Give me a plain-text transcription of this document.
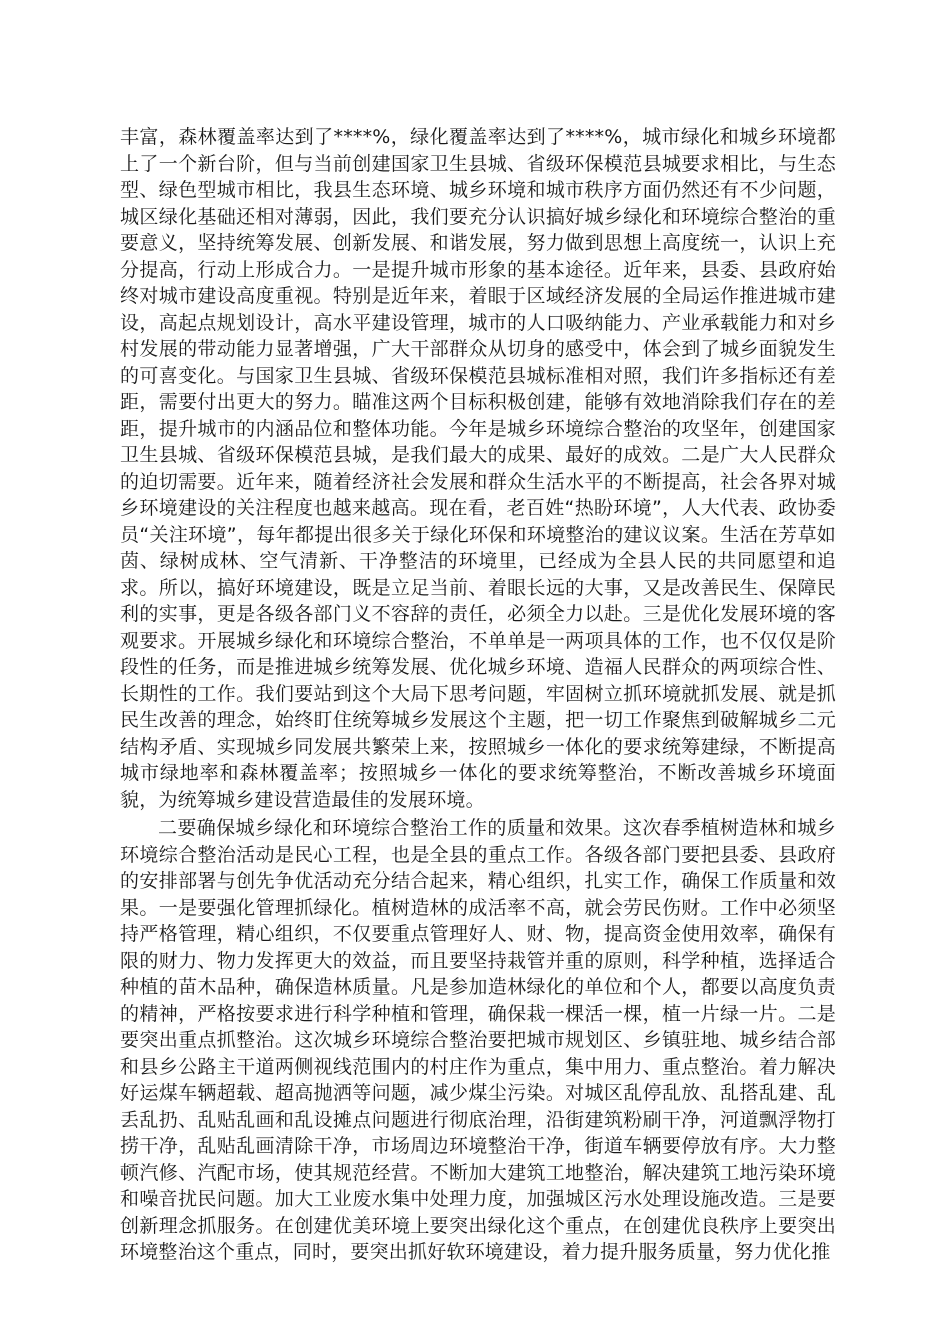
丰富，森林覆盖率达到了****%，绿化覆盖率达到了****%，城市绿化和城乡环境都上了一个新台阶，但与当前创建国家卫生县城、省级环保模范县城要求相比，与生态型、绿色型城市相比，我县生态环境、城乡环境和城市秩序方面仍然还有不少问题，城区绿化基础还相对薄弱，因此，我们要充分认识搞好城乡绿化和环境综合整治的重要意义，坚持统筹发展、创新发展、和谐发展，努力做到思想上高度统一，认识上充分提高，行动上形成合力。一是提升城市形象的基本途径。近年来，县委、县政府始终对城市建设高度重视。特别是近年来，着眼于区域经济发展的全局运作推进城市建设，高起点规划设计，高水平建设管理，城市的人口吸纳能力、产业承载能力和对乡村发展的带动能力显著增强，广大干部群众从切身的感受中，体会到了城乡面貌发生的可喜变化。与国家卫生县城、省级环保模范县城标准相对照，我们许多指标还有差距，需要付出更大的努力。瞄准这两个目标积极创建，能够有效地消除我们存在的差距，提升城市的内涵品位和整体功能。今年是城乡环境综合整治的攻坚年，创建国家卫生县城、省级环保模范县城，是我们最大的成果、最好的成效。二是广大人民群众的迫切需要。近年来，随着经济社会发展和群众生活水平的不断提高，社会各界对城乡环境建设的关注程度也越来越高。现在看，老百姓“热盼环境”，人大代表、政协委员“关注环境”，每年都提出很多关于绿化环保和环境整治的建议议案。生活在芳草如茵、绿树成林、空气清新、干净整洁的环境里，已经成为全县人民的共同愿望和追求。所以，搞好环境建设，既是立足当前、着眼长远的大事，又是改善民生、保障民利的实事，更是各级各部门义不容辞的责任，必须全力以赴。三是优化发展环境的客观要求。开展城乡绿化和环境综合整治，不单单是一两项具体的工作，也不仅仅是阶段性的任务，而是推进城乡统筹发展、优化城乡环境、造福人民群众的两项综合性、长期性的工作。我们要站到这个大局下思考问题，牢固树立抓环境就抓发展、就是抓民生改善的理念，始终盯住统筹城乡发展这个主题，把一切工作聚焦到破解城乡二元结构矛盾、实现城乡同发展共繁荣上来，按照城乡一体化的要求统筹建绿，不断提高城市绿地率和森林覆盖率；按照城乡一体化的要求统筹整治，不断改善城乡环境面貌，为统筹城乡建设营造最佳的发展环境。

二要确保城乡绿化和环境综合整治工作的质量和效果。这次春季植树造林和城乡环境综合整治活动是民心工程，也是全县的重点工作。各级各部门要把县委、县政府的安排部署与创先争优活动充分结合起来，精心组织，扎实工作，确保工作质量和效果。一是要强化管理抓绿化。植树造林的成活率不高，就会劳民伤财。工作中必须坚持严格管理，精心组织，不仅要重点管理好人、财、物，提高资金使用效率，确保有限的财力、物力发挥更大的效益，而且要坚持栽管并重的原则，科学种植，选择适合种植的苗木品种，确保造林质量。凡是参加造林绿化的单位和个人，都要以高度负责的精神，严格按要求进行科学种植和管理，确保栽一棵活一棵，植一片绿一片。二是要突出重点抓整治。这次城乡环境综合整治要把城市规划区、乡镇驻地、城乡结合部和县乡公路主干道两侧视线范围内的村庄作为重点，集中用力、重点整治。着力解决好运煤车辆超载、超高抛洒等问题，减少煤尘污染。对城区乱停乱放、乱搭乱建、乱丢乱扔、乱贴乱画和乱设摊点问题进行彻底治理，沿街建筑粉刷干净，河道飘浮物打捞干净，乱贴乱画清除干净，市场周边环境整治干净，街道车辆要停放有序。大力整顿汽修、汽配市场，使其规范经营。不断加大建筑工地整治，解决建筑工地污染环境和噪音扰民问题。加大工业废水集中处理力度，加强城区污水处理设施改造。三是要创新理念抓服务。在创建优美环境上要突出绿化这个重点，在创建优良秩序上要突出环境整治这个重点，同时，要突出抓好软环境建设，着力提升服务质量，努力优化推
